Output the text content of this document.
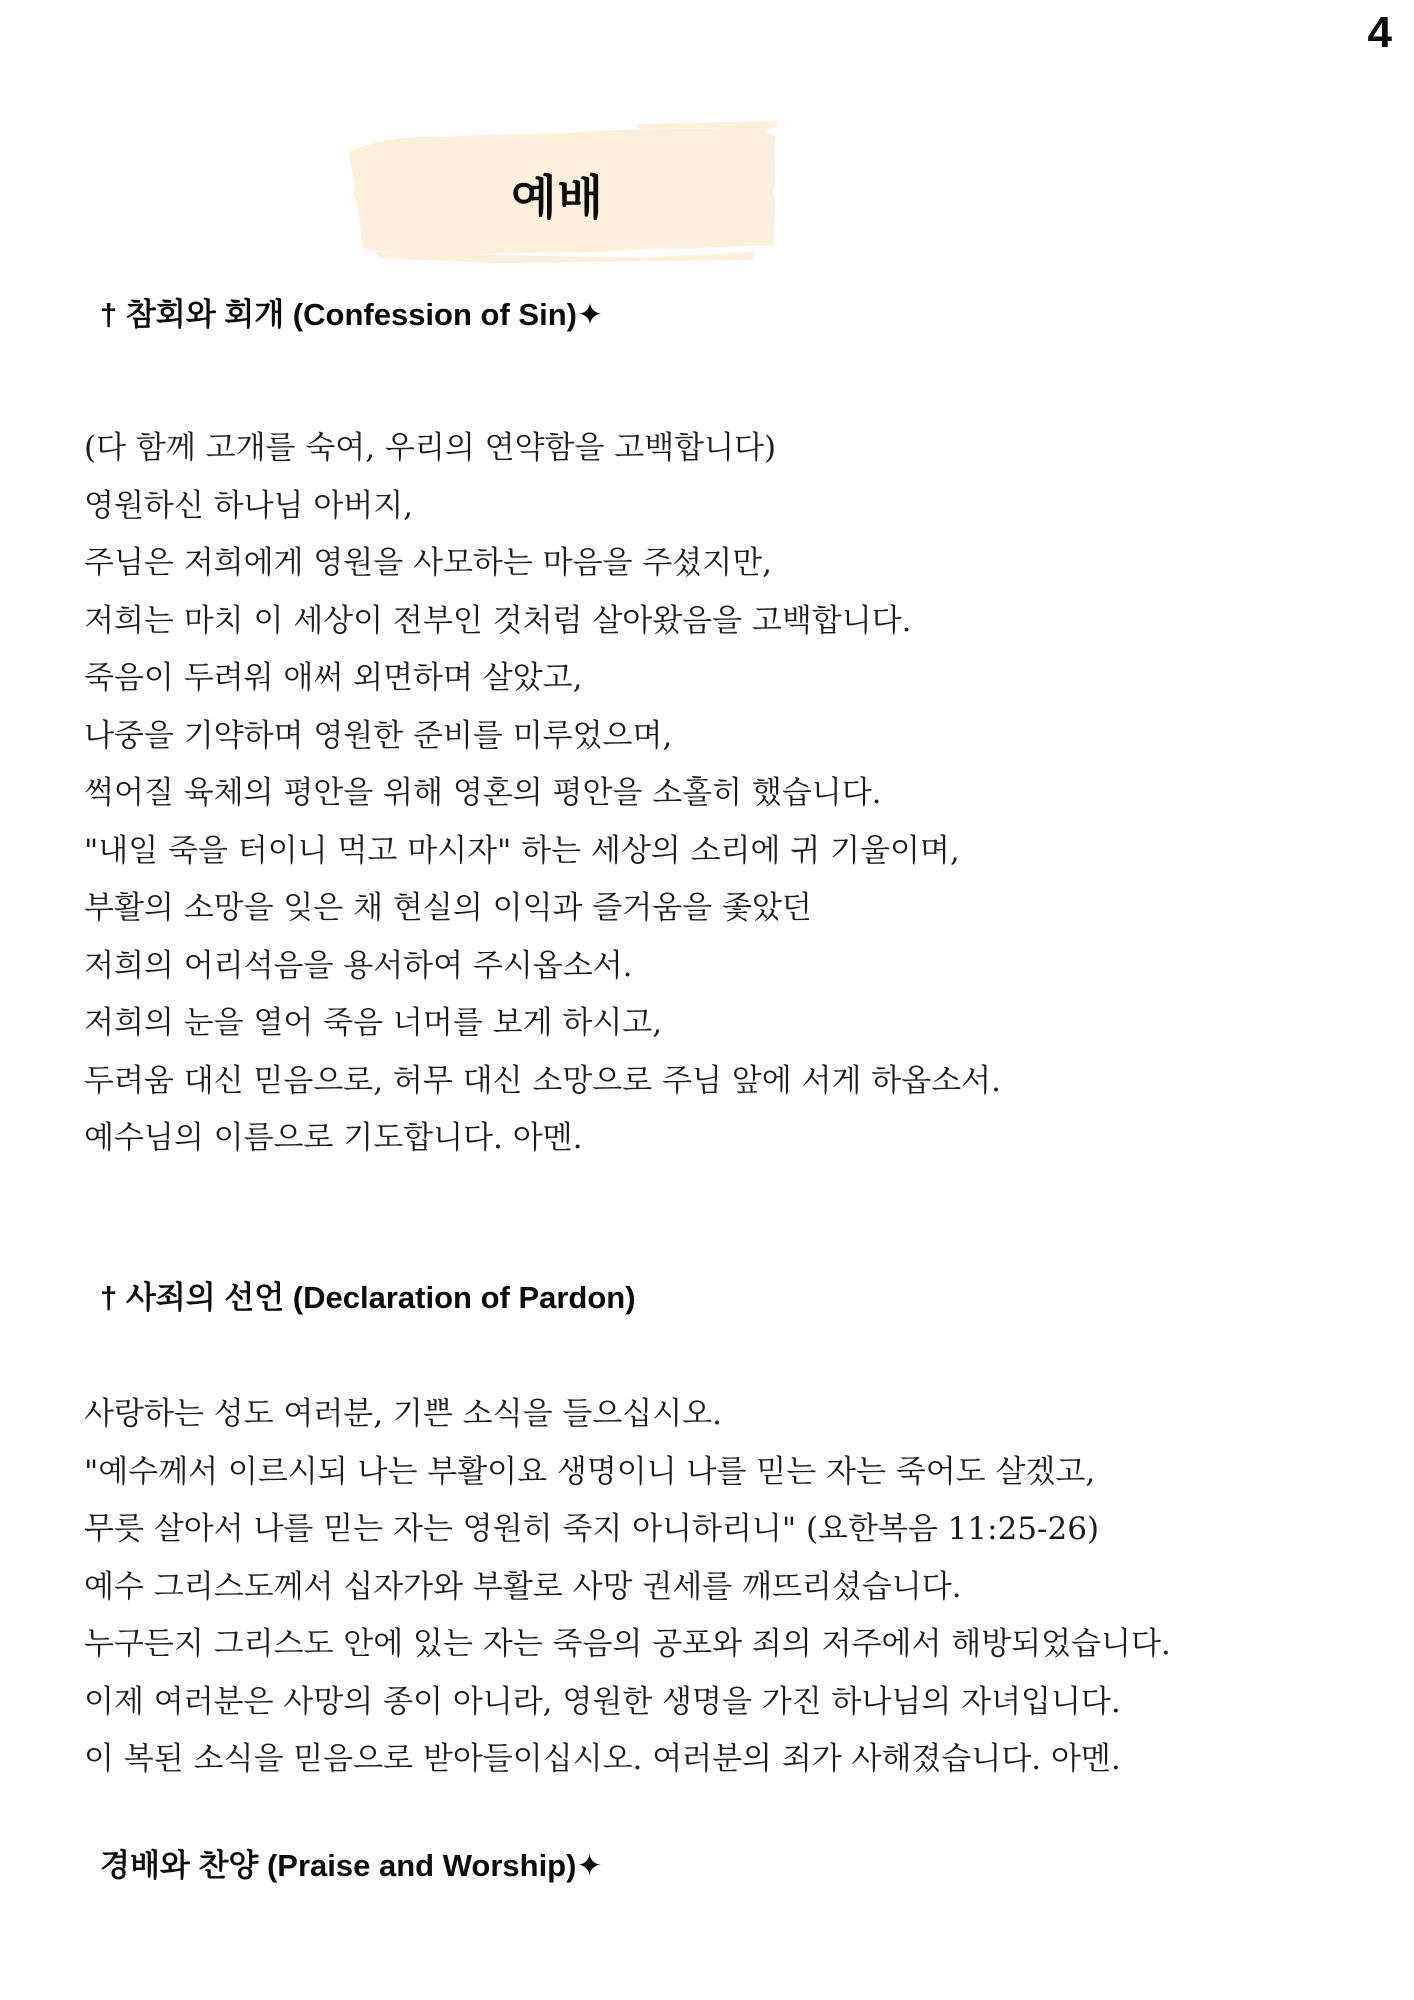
4
예배
† 참회와 회개 (Confession of Sin)✦
(다 함께 고개를 숙여, 우리의 연약함을 고백합니다)
영원하신 하나님 아버지,
주님은 저희에게 영원을 사모하는 마음을 주셨지만,
저희는 마치 이 세상이 전부인 것처럼 살아왔음을 고백합니다.
죽음이 두려워 애써 외면하며 살았고,
나중을 기약하며 영원한 준비를 미루었으며,
썩어질 육체의 평안을 위해 영혼의 평안을 소홀히 했습니다.
"내일 죽을 터이니 먹고 마시자" 하는 세상의 소리에 귀 기울이며,
부활의 소망을 잊은 채 현실의 이익과 즐거움을 좇았던
저희의 어리석음을 용서하여 주시옵소서.
저희의 눈을 열어 죽음 너머를 보게 하시고,
두려움 대신 믿음으로, 허무 대신 소망으로 주님 앞에 서게 하옵소서.
예수님의 이름으로 기도합니다. 아멘.
† 사죄의 선언 (Declaration of Pardon)
사랑하는 성도 여러분, 기쁜 소식을 들으십시오.
"예수께서 이르시되 나는 부활이요 생명이니 나를 믿는 자는 죽어도 살겠고,
무릇 살아서 나를 믿는 자는 영원히 죽지 아니하리니" (요한복음 11:25-26)
예수 그리스도께서 십자가와 부활로 사망 권세를 깨뜨리셨습니다.
누구든지 그리스도 안에 있는 자는 죽음의 공포와 죄의 저주에서 해방되었습니다.
이제 여러분은 사망의 종이 아니라, 영원한 생명을 가진 하나님의 자녀입니다.
이 복된 소식을 믿음으로 받아들이십시오. 여러분의 죄가 사해졌습니다. 아멘.
경배와 찬양 (Praise and Worship)✦
